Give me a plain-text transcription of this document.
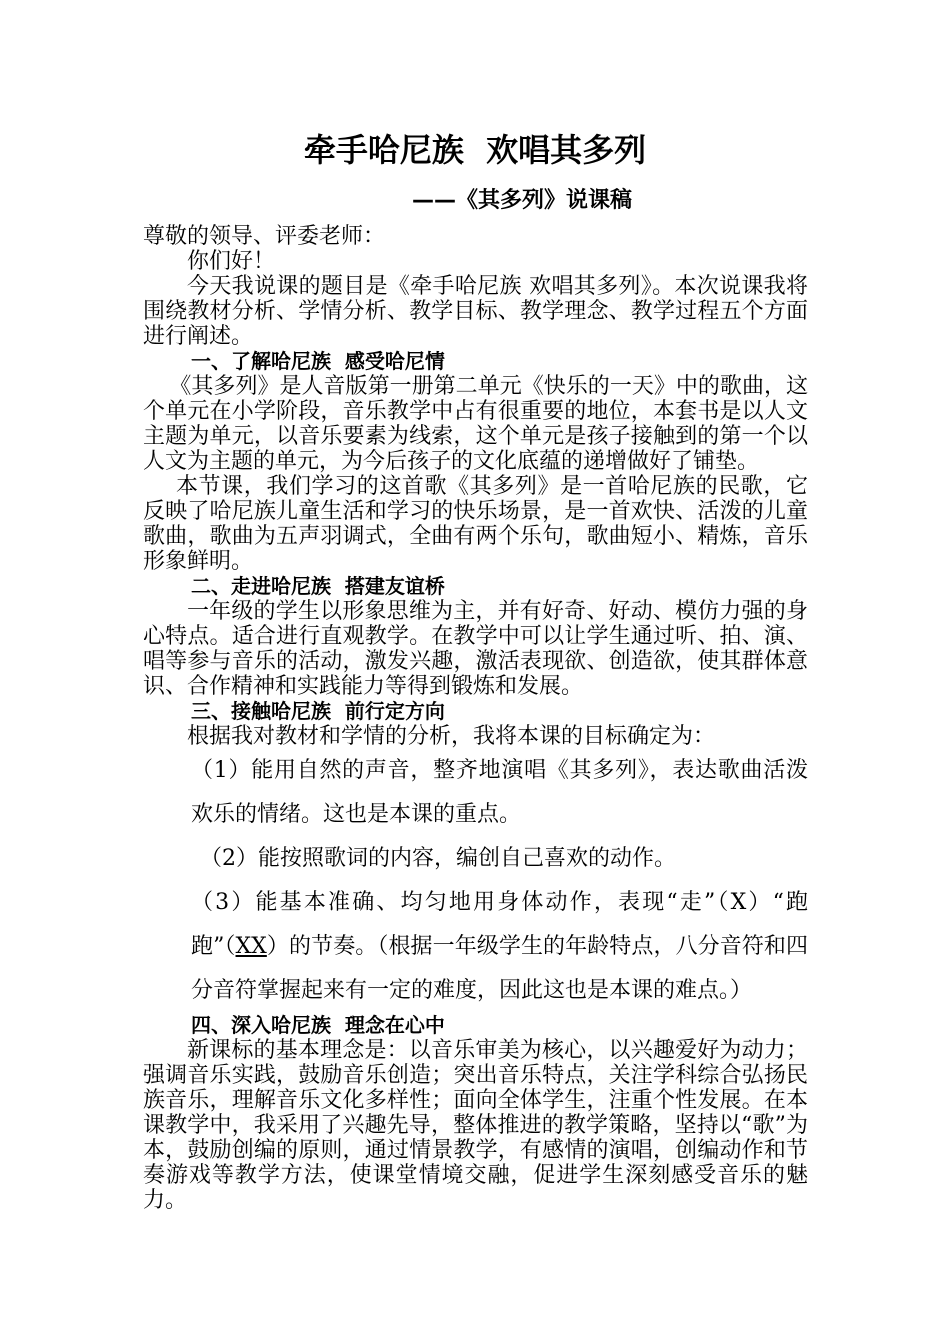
牵手哈尼族  欢唱其多列
——《其多列》说课稿

尊敬的领导、评委老师：

你们好！

今天我说课的题目是《牵手哈尼族 欢唱其多列》。本次说课我将围绕教材分析、学情分析、教学目标、教学理念、教学过程五个方面进行阐述。

一、了解哈尼族  感受哈尼情

《其多列》是人音版第一册第二单元《快乐的一天》中的歌曲，这个单元在小学阶段，音乐教学中占有很重要的地位，本套书是以人文主题为单元，以音乐要素为线索，这个单元是孩子接触到的第一个以人文为主题的单元，为今后孩子的文化底蕴的递增做好了铺垫。

本节课，我们学习的这首歌《其多列》是一首哈尼族的民歌，它反映了哈尼族儿童生活和学习的快乐场景，是一首欢快、活泼的儿童歌曲，歌曲为五声羽调式，全曲有两个乐句，歌曲短小、精炼，音乐形象鲜明。

二、走进哈尼族  搭建友谊桥

一年级的学生以形象思维为主，并有好奇、好动、模仿力强的身心特点。适合进行直观教学。在教学中可以让学生通过听、拍、演、唱等参与音乐的活动，激发兴趣，激活表现欲、创造欲，使其群体意识、合作精神和实践能力等得到锻炼和发展。

三、接触哈尼族  前行定方向

根据我对教材和学情的分析，我将本课的目标确定为：

（1）能用自然的声音，整齐地演唱《其多列》，表达歌曲活泼欢乐的情绪。这也是本课的重点。

（2）能按照歌词的内容，编创自己喜欢的动作。

（3）能基本准确、均匀地用身体动作，表现“走”（X）“跑跑”（XX）的节奏。（根据一年级学生的年龄特点，八分音符和四分音符掌握起来有一定的难度，因此这也是本课的难点。）

四、深入哈尼族  理念在心中

新课标的基本理念是：以音乐审美为核心，以兴趣爱好为动力；强调音乐实践，鼓励音乐创造；突出音乐特点，关注学科综合弘扬民族音乐，理解音乐文化多样性；面向全体学生，注重个性发展。在本课教学中，我采用了兴趣先导，整体推进的教学策略，坚持以“歌”为本，鼓励创编的原则，通过情景教学，有感情的演唱，创编动作和节奏游戏等教学方法，使课堂情境交融，促进学生深刻感受音乐的魅力。
